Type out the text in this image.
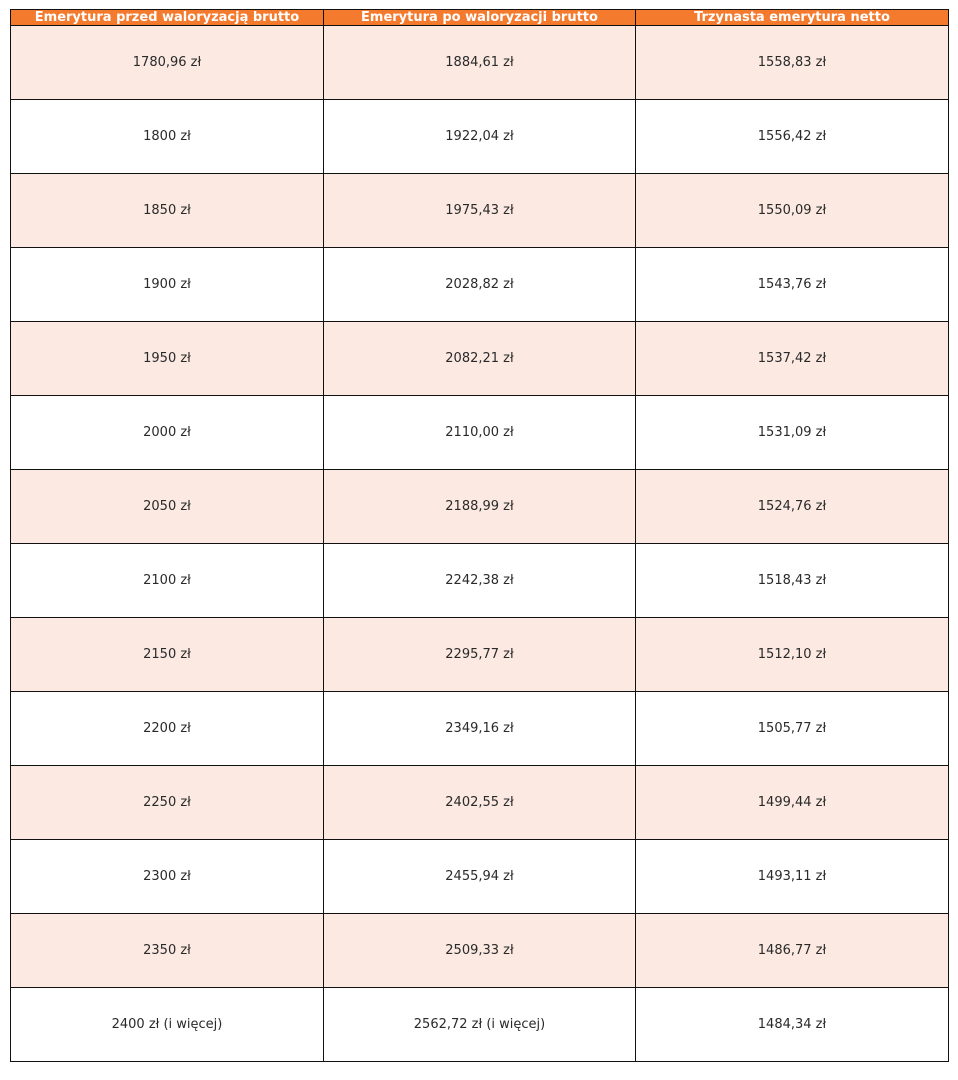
Emerytura przed waloryzacją brutto	Emerytura po waloryzacji brutto	Trzynasta emerytura netto
1780,96 zł	1884,61 zł	1558,83 zł
1800 zł	1922,04 zł	1556,42 zł
1850 zł	1975,43 zł	1550,09 zł
1900 zł	2028,82 zł	1543,76 zł
1950 zł	2082,21 zł	1537,42 zł
2000 zł	2110,00 zł	1531,09 zł
2050 zł	2188,99 zł	1524,76 zł
2100 zł	2242,38 zł	1518,43 zł
2150 zł	2295,77 zł	1512,10 zł
2200 zł	2349,16 zł	1505,77 zł
2250 zł	2402,55 zł	1499,44 zł
2300 zł	2455,94 zł	1493,11 zł
2350 zł	2509,33 zł	1486,77 zł
2400 zł (i więcej)	2562,72 zł (i więcej)	1484,34 zł
